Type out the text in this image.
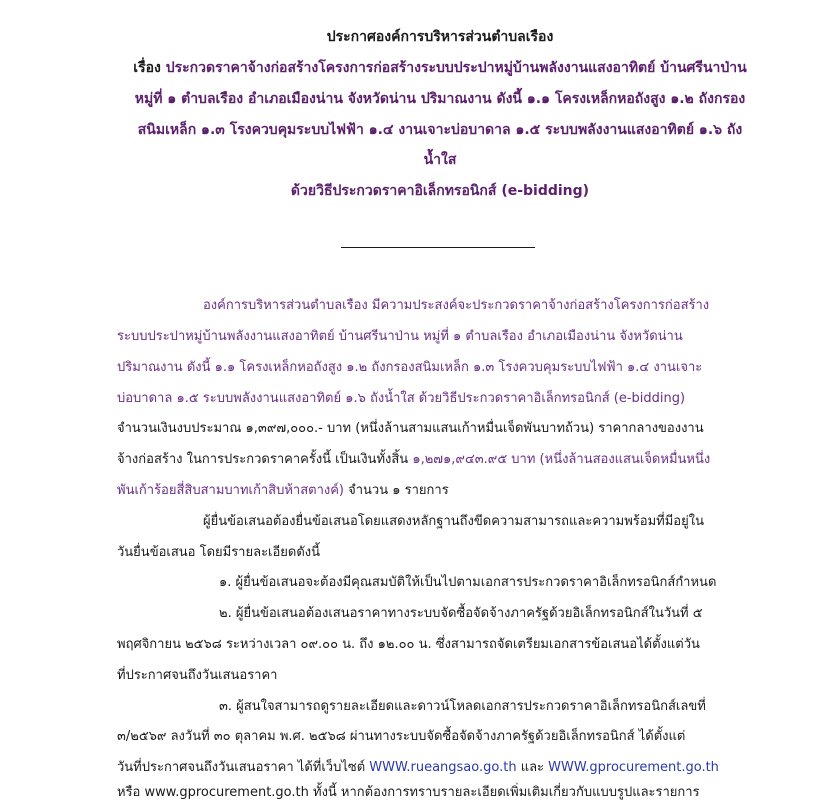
ประกาศองค์การบริหารส่วนตำบลเรือง
เรื่อง ประกวดราคาจ้างก่อสร้างโครงการก่อสร้างระบบประปาหมู่บ้านพลังงานแสงอาทิตย์ บ้านศรีนาป่าน
หมู่ที่ ๑ ตำบลเรือง อำเภอเมืองน่าน จังหวัดน่าน ปริมาณงาน ดังนี้ ๑.๑ โครงเหล็กหอถังสูง ๑.๒ ถังกรอง
สนิมเหล็ก ๑.๓ โรงควบคุมระบบไฟฟ้า ๑.๔ งานเจาะบ่อบาดาล ๑.๕ ระบบพลังงานแสงอาทิตย์ ๑.๖ ถัง
น้ำใส
ด้วยวิธีประกวดราคาอิเล็กทรอนิกส์ (e-bidding)
องค์การบริหารส่วนตำบลเรือง มีความประสงค์จะประกวดราคาจ้างก่อสร้างโครงการก่อสร้าง
ระบบประปาหมู่บ้านพลังงานแสงอาทิตย์ บ้านศรีนาป่าน หมู่ที่ ๑ ตำบลเรือง อำเภอเมืองน่าน จังหวัดน่าน
ปริมาณงาน ดังนี้ ๑.๑ โครงเหล็กหอถังสูง ๑.๒ ถังกรองสนิมเหล็ก ๑.๓ โรงควบคุมระบบไฟฟ้า ๑.๔ งานเจาะ
บ่อบาดาล ๑.๕ ระบบพลังงานแสงอาทิตย์ ๑.๖ ถังน้ำใส ด้วยวิธีประกวดราคาอิเล็กทรอนิกส์ (e-bidding)
จำนวนเงินงบประมาณ ๑,๓๙๗,๐๐๐.- บาท (หนึ่งล้านสามแสนเก้าหมื่นเจ็ดพันบาทถ้วน) ราคากลางของงาน
จ้างก่อสร้าง ในการประกวดราคาครั้งนี้ เป็นเงินทั้งสิ้น ๑,๒๗๑,๙๔๓.๙๕ บาท (หนึ่งล้านสองแสนเจ็ดหมื่นหนึ่ง
พันเก้าร้อยสี่สิบสามบาทเก้าสิบห้าสตางค์) จำนวน ๑ รายการ
ผู้ยื่นข้อเสนอต้องยื่นข้อเสนอโดยแสดงหลักฐานถึงขีดความสามารถและความพร้อมที่มีอยู่ใน
วันยื่นข้อเสนอ โดยมีรายละเอียดดังนี้
๑. ผู้ยื่นข้อเสนอจะต้องมีคุณสมบัติให้เป็นไปตามเอกสารประกวดราคาอิเล็กทรอนิกส์กำหนด
๒. ผู้ยื่นข้อเสนอต้องเสนอราคาทางระบบจัดซื้อจัดจ้างภาครัฐด้วยอิเล็กทรอนิกส์ในวันที่ ๕
พฤศจิกายน ๒๕๖๘ ระหว่างเวลา ๐๙.๐๐ น. ถึง ๑๒.๐๐ น. ซึ่งสามารถจัดเตรียมเอกสารข้อเสนอได้ตั้งแต่วัน
ที่ประกาศจนถึงวันเสนอราคา
๓. ผู้สนใจสามารถดูรายละเอียดและดาวน์โหลดเอกสารประกวดราคาอิเล็กทรอนิกส์เลขที่
๓/๒๕๖๙ ลงวันที่ ๓๐ ตุลาคม พ.ศ. ๒๕๖๘ ผ่านทางระบบจัดซื้อจัดจ้างภาครัฐด้วยอิเล็กทรอนิกส์ ได้ตั้งแต่
วันที่ประกาศจนถึงวันเสนอราคา ได้ที่เว็บไซต์ WWW.rueangsao.go.th และ WWW.gprocurement.go.th
หรือ www.gprocurement.go.th ทั้งนี้ หากต้องการทราบรายละเอียดเพิ่มเติมเกี่ยวกับแบบรูปและรายการ
